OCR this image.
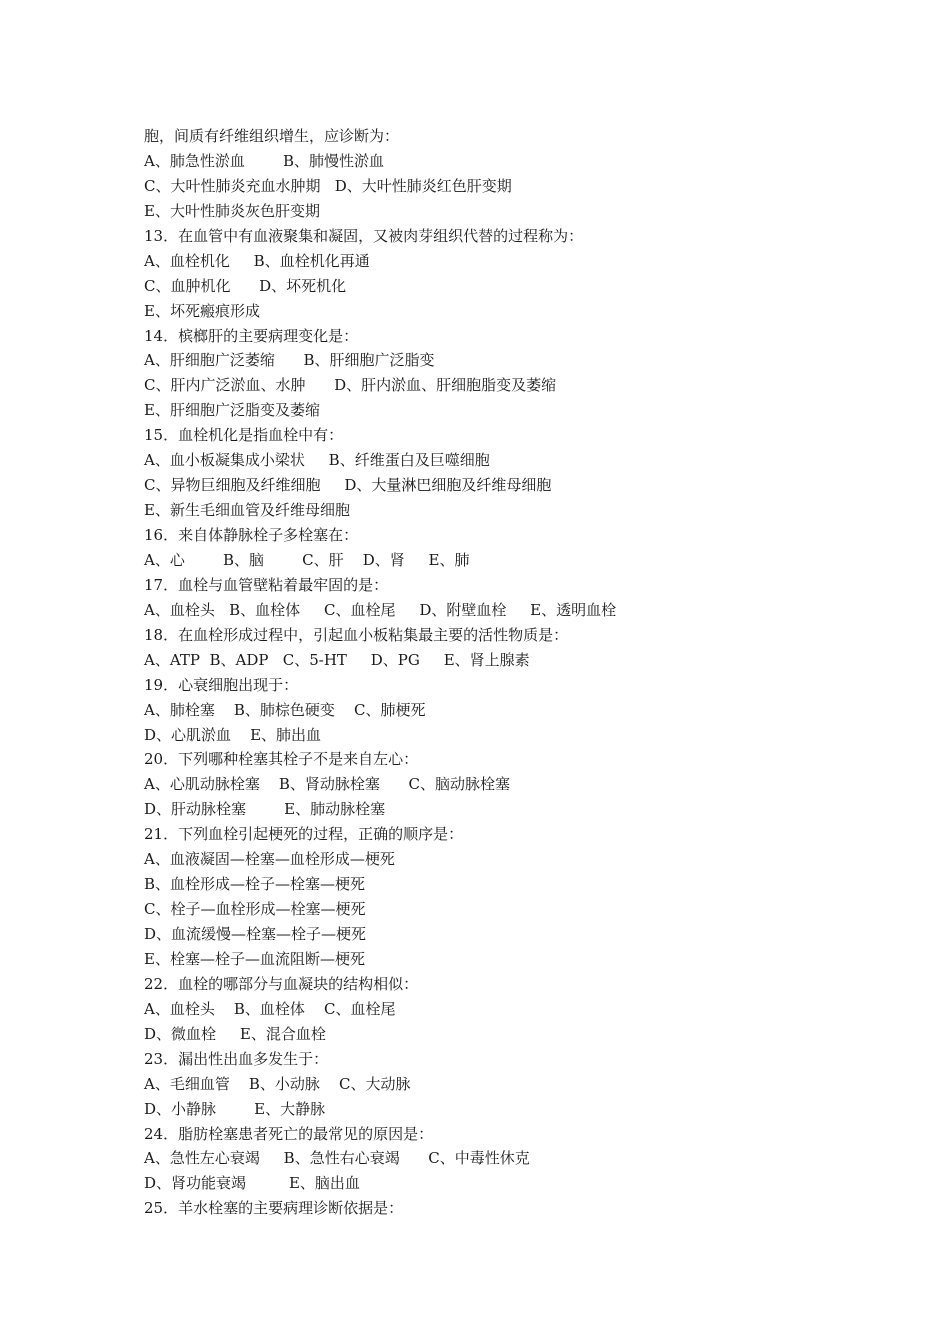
胞，间质有纤维组织增生，应诊断为：
A、肺急性淤血        B、肺慢性淤血
C、大叶性肺炎充血水肿期   D、大叶性肺炎红色肝变期
E、大叶性肺炎灰色肝变期
13．在血管中有血液聚集和凝固，又被肉芽组织代替的过程称为：
A、血栓机化     B、血栓机化再通
C、血肿机化      D、坏死机化
E、坏死瘢痕形成
14．槟榔肝的主要病理变化是：
A、肝细胞广泛萎缩      B、肝细胞广泛脂变
C、肝内广泛淤血、水肿      D、肝内淤血、肝细胞脂变及萎缩
E、肝细胞广泛脂变及萎缩
15．血栓机化是指血栓中有：
A、血小板凝集成小梁状     B、纤维蛋白及巨噬细胞
C、异物巨细胞及纤维细胞     D、大量淋巴细胞及纤维母细胞
E、新生毛细血管及纤维母细胞
16．来自体静脉栓子多栓塞在：
A、心        B、脑        C、肝    D、肾     E、肺
17．血栓与血管壁粘着最牢固的是：
A、血栓头   B、血栓体     C、血栓尾     D、附壁血栓     E、透明血栓
18．在血栓形成过程中，引起血小板粘集最主要的活性物质是：
A、ATP  B、ADP   C、5-HT     D、PG     E、肾上腺素
19．心衰细胞出现于：
A、肺栓塞    B、肺棕色硬变    C、肺梗死
D、心肌淤血    E、肺出血
20．下列哪种栓塞其栓子不是来自左心：
A、心肌动脉栓塞    B、肾动脉栓塞      C、脑动脉栓塞
D、肝动脉栓塞        E、肺动脉栓塞
21．下列血栓引起梗死的过程，正确的顺序是：
A、血液凝固—栓塞—血栓形成—梗死
B、血栓形成—栓子—栓塞—梗死
C、栓子—血栓形成—栓塞—梗死
D、血流缓慢—栓塞—栓子—梗死
E、栓塞—栓子—血流阻断—梗死
22．血栓的哪部分与血凝块的结构相似：
A、血栓头    B、血栓体    C、血栓尾
D、微血栓     E、混合血栓
23．漏出性出血多发生于：
A、毛细血管    B、小动脉    C、大动脉
D、小静脉        E、大静脉
24．脂肪栓塞患者死亡的最常见的原因是：
A、急性左心衰竭     B、急性右心衰竭      C、中毒性休克
D、肾功能衰竭         E、脑出血
25．羊水栓塞的主要病理诊断依据是：
